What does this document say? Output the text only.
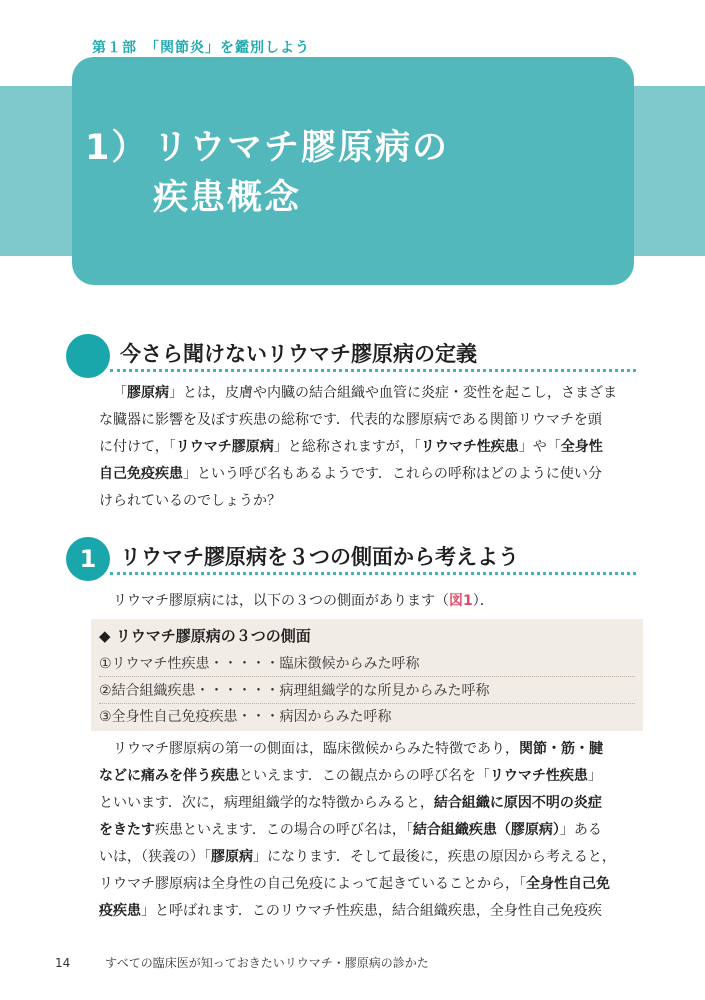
第１部　「関節炎」を鑑別しよう
1） リウマチ膠原病の
疾患概念
今さら聞けないリウマチ膠原病の定義
「膠原病」とは，皮膚や内臓の結合組織や血管に炎症・変性を起こし，さまざま
な臓器に影響を及ぼす疾患の総称です．代表的な膠原病である関節リウマチを頭
に付けて，「リウマチ膠原病」と総称されますが，「リウマチ性疾患」や「全身性
自己免疫疾患」という呼び名もあるようです．これらの呼称はどのように使い分
けられているのでしょうか？
1	リウマチ膠原病を３つの側面から考えよう
リウマチ膠原病には，以下の３つの側面があります（図1）．
◆ リウマチ膠原病の３つの側面
①リウマチ性疾患・・・・・臨床徴候からみた呼称
②結合組織疾患・・・・・・病理組織学的な所見からみた呼称
③全身性自己免疫疾患・・・病因からみた呼称
リウマチ膠原病の第一の側面は，臨床徴候からみた特徴であり，関節・筋・腱
などに痛みを伴う疾患といえます．この観点からの呼び名を「リウマチ性疾患」
といいます．次に，病理組織学的な特徴からみると，結合組織に原因不明の炎症
をきたす疾患といえます．この場合の呼び名は，「結合組織疾患（膠原病）」ある
いは，（狭義の）「膠原病」になります．そして最後に，疾患の原因から考えると，
リウマチ膠原病は全身性の自己免疫によって起きていることから，「全身性自己免
疫疾患」と呼ばれます．このリウマチ性疾患，結合組織疾患，全身性自己免疫疾
14	すべての臨床医が知っておきたいリウマチ・膠原病の診かた
